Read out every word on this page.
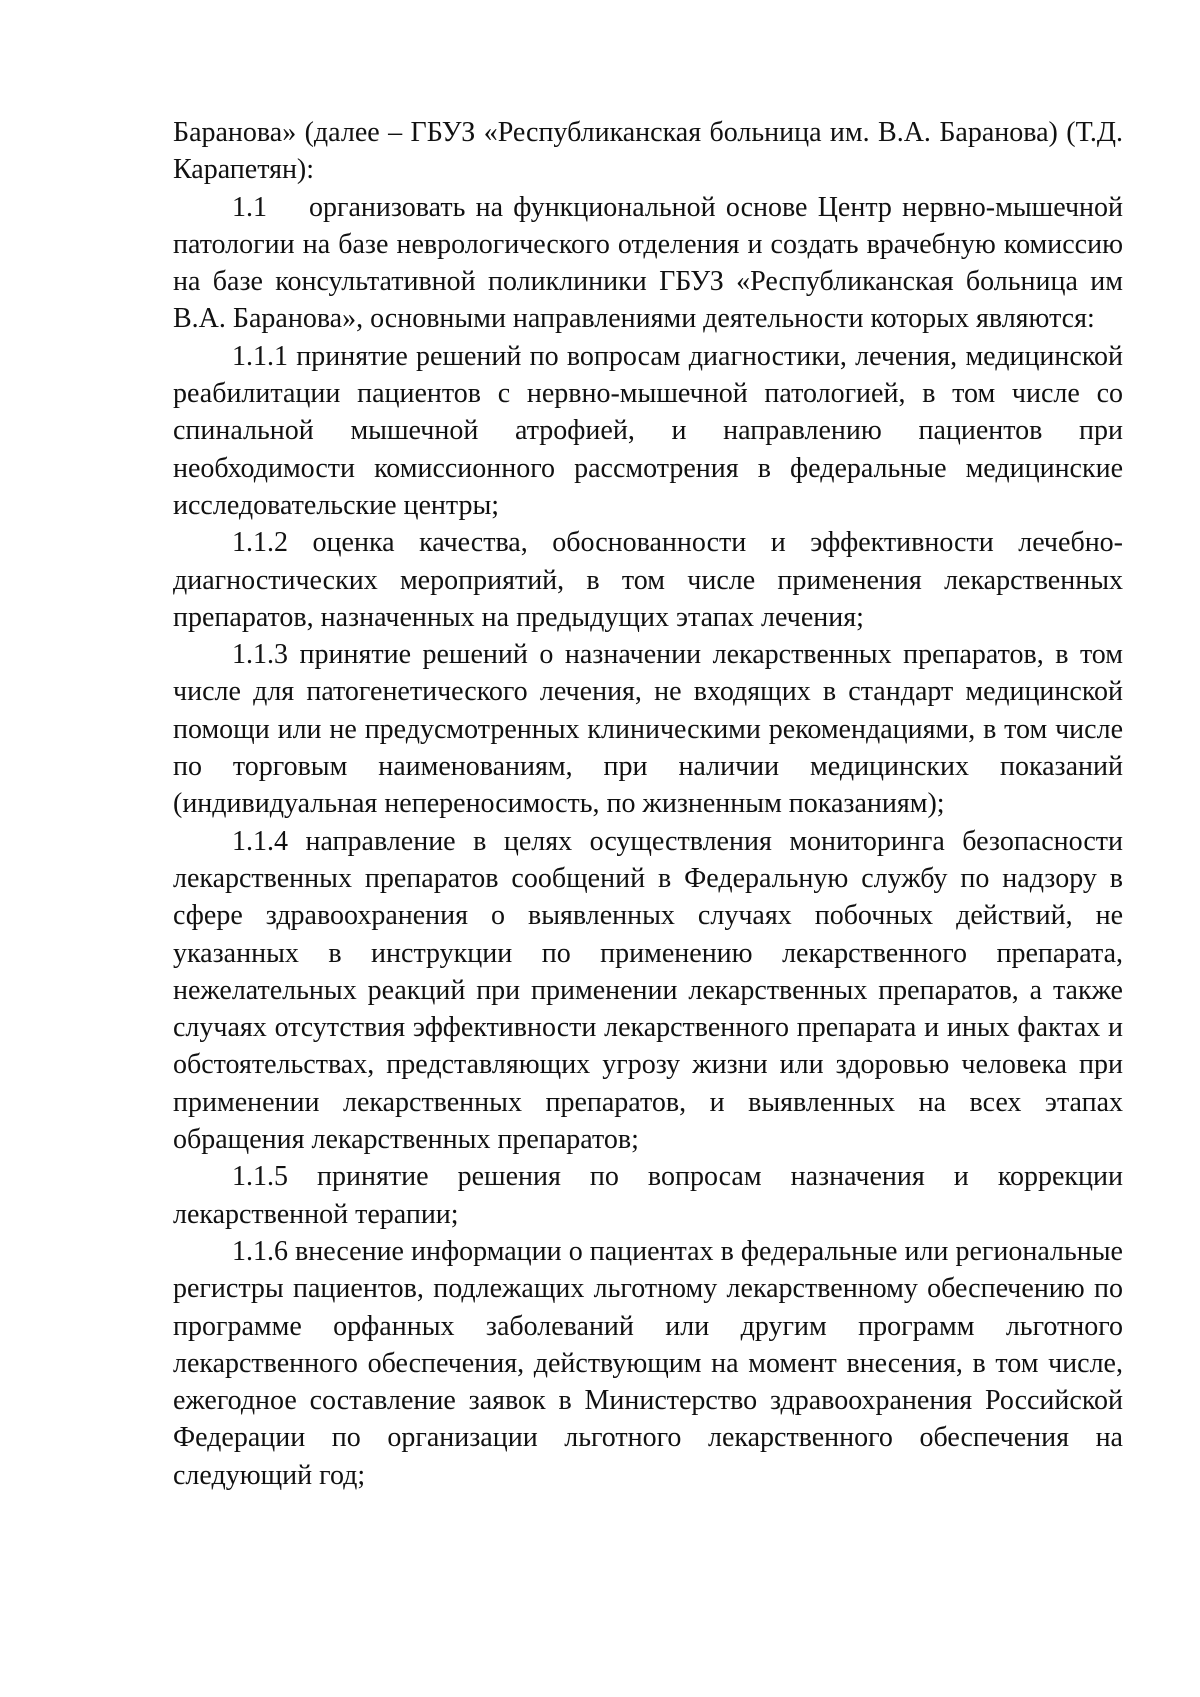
Баранова» (далее – ГБУЗ «Республиканская больница им. В.А. Баранова) (Т.Д. Карапетян):

1.1  организовать на функциональной основе Центр нервно-мышечной патологии на базе неврологического отделения и создать врачебную комиссию на базе консультативной поликлиники ГБУЗ «Республиканская больница им В.А. Баранова», основными направлениями деятельности которых являются:

1.1.1 принятие решений по вопросам диагностики, лечения, медицинской реабилитации пациентов с нервно-мышечной патологией, в том числе со спинальной мышечной атрофией, и направлению пациентов при необходимости комиссионного рассмотрения в федеральные медицинские исследовательские центры;

1.1.2 оценка качества, обоснованности и эффективности лечебно-диагностических мероприятий, в том числе применения лекарственных препаратов, назначенных на предыдущих этапах лечения;

1.1.3 принятие решений о назначении лекарственных препаратов, в том числе для патогенетического лечения, не входящих в стандарт медицинской помощи или не предусмотренных клиническими рекомендациями, в том числе по торговым наименованиям, при наличии медицинских показаний (индивидуальная непереносимость, по жизненным показаниям);

1.1.4 направление в целях осуществления мониторинга безопасности лекарственных препаратов сообщений в Федеральную службу по надзору в сфере здравоохранения о выявленных случаях побочных действий, не указанных в инструкции по применению лекарственного препарата, нежелательных реакций при применении лекарственных препаратов, а также случаях отсутствия эффективности лекарственного препарата и иных фактах и обстоятельствах, представляющих угрозу жизни или здоровью человека при применении лекарственных препаратов, и выявленных на всех этапах обращения лекарственных препаратов;

1.1.5 принятие решения по вопросам назначения и коррекции лекарственной терапии;

1.1.6 внесение информации о пациентах в федеральные или региональные регистры пациентов, подлежащих льготному лекарственному обеспечению по программе орфанных заболеваний или другим программ льготного лекарственного обеспечения, действующим на момент внесения, в том числе, ежегодное составление заявок в Министерство здравоохранения Российской Федерации по организации льготного лекарственного обеспечения на следующий год;
